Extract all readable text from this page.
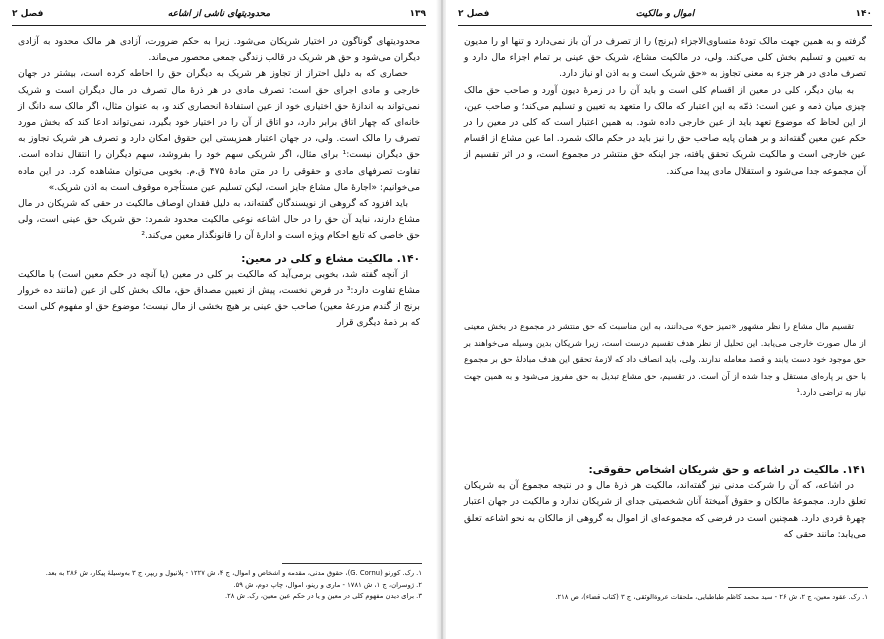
۱۳۹
محدودیتهای ناشی از اشاعه
فصل ۲

محدودیتهای گوناگون در اختیار شریکان می‌شود. زیرا به حکم ضرورت، آزادی هر مالک محدود به آزادی دیگران می‌شود و حق هر شریک در قالب زندگی جمعی محصور می‌ماند.

حصاری که به دلیل احتراز از تجاوز هر شریک به دیگران حق را احاطه کرده است، بیشتر در جهان خارجی و مادی اجرای حق است: تصرف مادی در هر ذرهٔ مال تصرف در مال دیگران است و شریک نمی‌تواند به اندازهٔ حق اختیاری خود از عین استفادهٔ انحصاری کند و، به عنوان مثال، اگر مالک سه دانگ از خانه‌ای که چهار اتاق برابر دارد، دو اتاق از آن را در اختیار خود بگیرد، نمی‌تواند ادعا کند که بخش مورد تصرف را مالک است. ولی، در جهان اعتبار همزیستی این حقوق امکان دارد و تصرف هر شریک تجاوز به حق دیگران نیست:¹ برای مثال، اگر شریکی سهم خود را بفروشد، سهم دیگران را انتقال نداده است. تفاوت تصرفهای مادی و حقوقی را در متن مادهٔ ۴۷۵ ق.م. بخوبی می‌توان مشاهده کرد. در این ماده می‌خوانیم: «اجارهٔ مال مشاع جایز است، لیکن تسلیم عین مستأجره موقوف است به اذن شریک.»

باید افزود که گروهی از نویسندگان گفته‌اند، به دلیل فقدان اوصاف مالکیت در حقی که شریکان در مال مشاع دارند، نباید آن حق را در حال اشاعه نوعی مالکیت محدود شمرد: حق شریک حق عینی است، ولی حق خاصی که تابع احکام ویژه است و ادارهٔ آن را قانونگذار معین می‌کند.²

۱۴۰. مالکیت مشاع و کلی در معین:

از آنچه گفته شد، بخوبی برمی‌آید که مالکیت بر کلی در معین (یا آنچه در حکم معین است) با مالکیت مشاع تفاوت دارد:³ در فرض نخست، پیش از تعیین مصداق حق، مالک بخش کلی از عین (مانند ده خروار برنج از گندم مزرعهٔ معین) صاحب حق عینی بر هیچ بخشی از مال نیست؛ موضوع حق او مفهوم کلی است که بر ذمهٔ دیگری قرار

۱. رک. کورنو (G. Cornu)، حقوق مدنی، مقدمه و اشخاص و اموال، ج ۴، ش ۱۲۲۷ - پلانیول و ریپر، ج ۳ به‌وسیلهٔ پیکار، ش ۲۸۶ به بعد.
۲. ژوسران، ج ۱، ش ۱۷۸۱ - ماری و رینو، اموال، چاپ دوم، ش ۵۹.
۳. برای دیدن مفهوم کلی در معین و یا در حکم عین معین، رک. ش ۲۸.
۱۴۰
اموال و مالکیت
فصل ۲

گرفته و به همین جهت مالک تودهٔ متساوی‌الاجزاء (برنج) را از تصرف در آن باز نمی‌دارد و تنها او را مدیون به تعیین و تسلیم بخش کلی می‌کند. ولی، در مالکیت مشاع، شریک حق عینی بر تمام اجزاء مال دارد و تصرف مادی در هر جزء به معنی تجاوز به «حق شریک است و به اذن او نیاز دارد.

به بیان دیگر، کلی در معین از اقسام کلی است و باید آن را در زمرهٔ دیون آورد و صاحب حق مالک چیزی میان ذمه و عین است: ذمّه به این اعتبار که مالک را متعهد به تعیین و تسلیم می‌کند؛ و صاحب عین، از این لحاظ که موضوع تعهد باید از عین خارجی داده شود. به همین اعتبار است که کلی در معین را در حکم عین معین گفته‌اند و بر همان پایه صاحب حق را نیز باید در حکم مالک شمرد. اما عین مشاع از اقسام عین خارجی است و مالکیت شریک تحقق یافته، جز اینکه حق منتشر در مجموع است، و در اثر تقسیم از آن مجموعه جدا می‌شود و استقلال مادی پیدا می‌کند.

تقسیم مال مشاع را نظر مشهور «تمیز حق» می‌دانند، به این مناسبت که حق منتشر در مجموع در بخش معینی از مال صورت خارجی می‌یابد. این تحلیل از نظر هدف تقسیم درست است، زیرا شریکان بدین وسیله می‌خواهند بر حق موجود خود دست یابند و قصد معامله ندارند. ولی، باید انصاف داد که لازمهٔ تحقق این هدف مبادلهٔ حق بر مجموع با حق بر پاره‌ای مستقل و جدا شده از آن است. در تقسیم، حق مشاع تبدیل به حق مفروز می‌شود و به همین جهت نیاز به تراضی دارد.¹

۱۴۱. مالکیت در اشاعه و حق شریکان اشخاص حقوقی:

در اشاعه، که آن را شرکت مدنی نیز گفته‌اند، مالکیت هر ذرهٔ مال و در نتیجه مجموع آن به شریکان تعلق دارد. مجموعهٔ مالکان و حقوق آمیختهٔ آنان شخصیتی جدای از شریکان ندارد و مالکیت در جهان اعتبار چهرهٔ فردی دارد. همچنین است در فرضی که مجموعه‌ای از اموال به گروهی از مالکان به نحو اشاعه تعلق می‌یابد: مانند حقی که

۱. رک. عقود معین، ج ۲، ش ۲۶ - سید محمد کاظم طباطبایی، ملحقات عروة‌الوثقی، ج ۳ (کتاب قضاء)، ص ۲۱۸.
